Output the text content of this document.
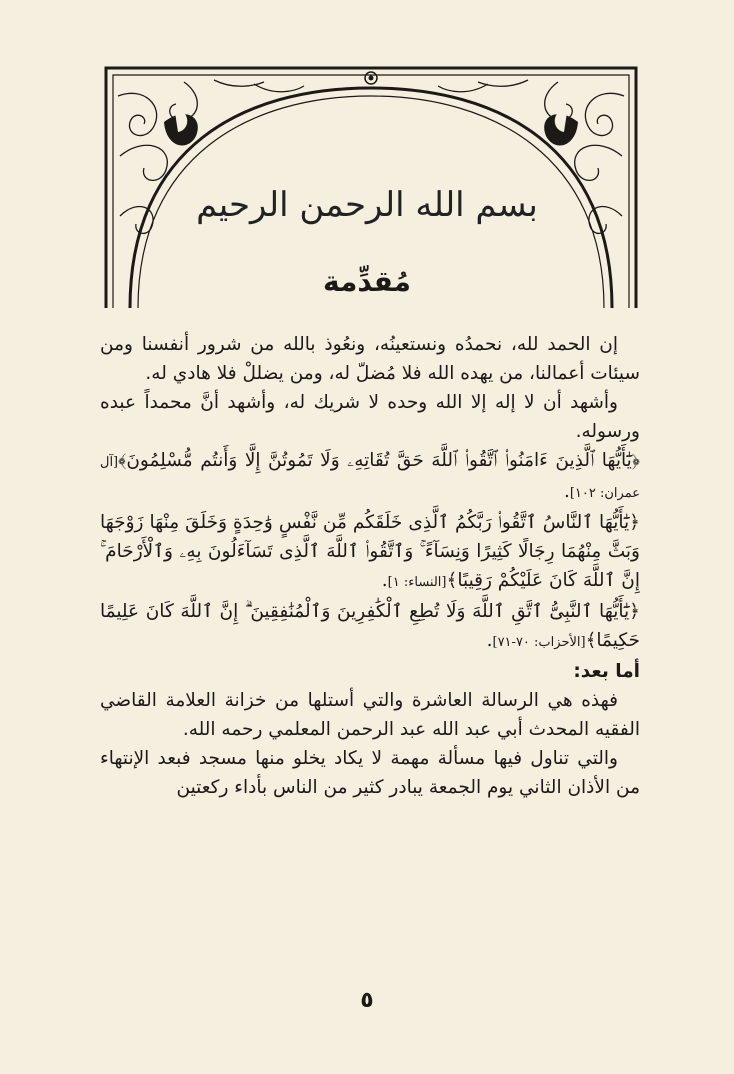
بسم الله الرحمن الرحيم
مُقدِّمة

إن الحمد لله، نحمدُه ونستعينُه، ونعُوذ بالله من شرور أنفسنا ومن سيئات أعمالنا، من يهده الله فلا مُضلّ له، ومن يضللْ فلا هادي له.

وأشهد أن لا إله إلا الله وحده لا شريك له، وأشهد أنَّ محمداً عبده ورسوله.

﴿يَٰٓأَيُّهَا ٱلَّذِينَ ءَامَنُوا۟ ٱتَّقُوا۟ ٱللَّهَ حَقَّ تُقَاتِهِۦ وَلَا تَمُوتُنَّ إِلَّا وَأَنتُم مُّسْلِمُونَ﴾[آل عمران: ١٠٢].

﴿يَٰٓأَيُّهَا ٱلنَّاسُ ٱتَّقُوا۟ رَبَّكُمُ ٱلَّذِى خَلَقَكُم مِّن نَّفْسٍ وَٰحِدَةٍ وَخَلَقَ مِنْهَا زَوْجَهَا وَبَثَّ مِنْهُمَا رِجَالًا كَثِيرًا وَنِسَآءً ۚ وَٱتَّقُوا۟ ٱللَّهَ ٱلَّذِى تَسَآءَلُونَ بِهِۦ وَٱلْأَرْحَامَ ۚ إِنَّ ٱللَّهَ كَانَ عَلَيْكُمْ رَقِيبًا﴾[النساء: ١].

﴿يَٰٓأَيُّهَا ٱلنَّبِىُّ ٱتَّقِ ٱللَّهَ وَلَا تُطِعِ ٱلْكَٰفِرِينَ وَٱلْمُنَٰفِقِينَ ۗ إِنَّ ٱللَّهَ كَانَ عَلِيمًا حَكِيمًا﴾[الأحزاب: ٧٠-٧١].

أما بعد:

فهذه هي الرسالة العاشرة والتي أستلها من خزانة العلامة القاضي الفقيه المحدث أبي عبد الله عبد الرحمن المعلمي رحمه الله.

والتي تناول فيها مسألة مهمة لا يكاد يخلو منها مسجد فبعد الإنتهاء من الأذان الثاني يوم الجمعة يبادر كثير من الناس بأداء ركعتين

٥
